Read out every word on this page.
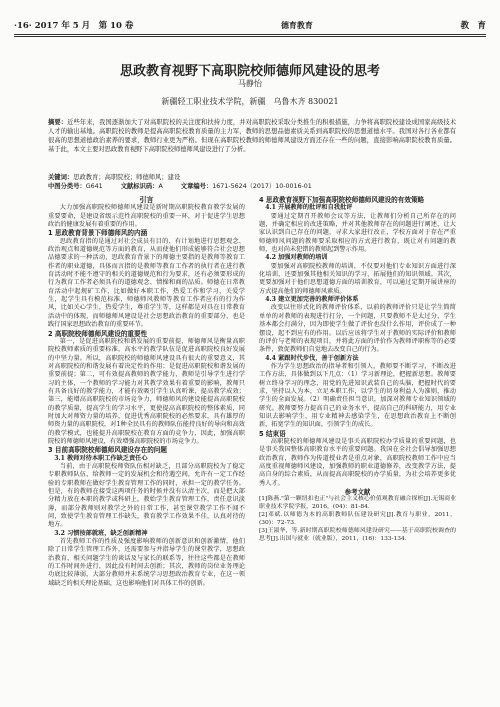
·16· 2017 年 5 月　第 10 卷	德育教育	教　育
思政教育视野下高职院校师德师风建设的思考
马静怡
新疆轻工职业技术学院，新疆　乌鲁木齐 830021
摘要：近些年来，我国逐渐加大了对高职院校的关注度和扶持力度，并对高职院校采取分类推生的积极措施，力争将高职院校建设成国家高级技术人才的输出基地。高职院校的教师是提高高职院校教育质量的主力军，教师的思想品德素质关系到高职院校的思想道德水平。我国对各行各业都有很高的思想道德政治素养的要求，教师行业更为严格。但现在高职院校教师的师德师风建设方面还存在一些的问题，直接影响高职院校教育质量。基于此，本文主要对思政教育视野下高职院校师德师风建设进行了分析。
关键词：思政教育；高职院校；师德师风；建设
中图分类号：G641	文献标识码：A	文章编号：1671-5624（2017）10-0016-01

引言

大力加强高职院校师德师风建设是新时期高职院校教育教学发展的重要要命，是建设省级示范性高职院校的重要一环，对于促进学生思想政治的健康发展有着重要的作用。

1 思政教育背景下师德师风的内涵

思政教育指的是通过对社会成员有目的、有计划地进行思想观念、政治观点和道德规范等方面的教育，从而使他们形成能够符合社会思想品德要求的一种活动，思政教育背景下的师德主要指的是教师等教育工作者的职业道德，具体而言指的是教师等教育工作者的执行者在进行教育活动时不能不遵守的相关的道德规范和行为要求，还有必须要形成的行为教育工作者必须具有的道德观念、情操和商的品质。师德在日常教育活动中起规矿工作，比如做好本职工作，热爱工作和学习，关爱学生，起学生具有模范标准，师德师风教师等教育工作者应有的行为作风，比如关心学生，热爱学生，尊重学生等，这样都是对具在日常教育活动中的体现，而师德师风建设是社会思想政治教育的重要部分，也是践行国家思想政治教育的重要环节。

2 高职院校师德师风建设的重要性

第一，是促进高职院校和谐发展的重要前提，师德师风是衡量高职院校教师素质的重要标准，高水平的教学队伍是促进高职院校良好发展的中坚力量。所以，高职院校的师德师风建设具有很大的重要意义，其对高职院校的和谐发展有着决定性的作用；是促进高职院校和谐发展的重要前提；第二，可有效提高教师的教学能力，教师是引导学生进行学习的主体，一个教师的学习能力对其教学效果有着重要的影响，教师只有具备良好的教学能力，才能有效吸引学生认真听课，提高教学成效；第三，能增高高职院校的市场竞争力，师德师风的建设能提高高职院校的教学质量，提高学生的学习水平，更使提高高职院校的整体素质，同时加大对师资力量的培养，促进优秀高职院校的必然要求，具有雄厚的师资力量的高职院校，对1种全民具有的教师队伍能持良好的导向和高效的教学模式，也能提升高职院校在教育方面的竞争力，因此，加强高职院校的师德师风建设，有效增强高职院校的市场竞争力。

3 目前高职院校师德师风建设存在的问题

3.1 教师对待本职工作缺乏责任心

当前，由于高职院校师资队伍相对缺乏，且部分高职院校为了稳定专职教师队伍，给教师一定的发展机会和待遇空间，允许有一定工作经验的专职教师在做好学生教育管理工作的同时，承担一定的教学任务。但是，有的教师在接受这两项任务的时候并没有认清主次，而是把大部分精力放在本职的教学或科研上，教始学生教育管理工作，责任意识淡薄，而部分教师则对教学之外的日常工作，甚至课堂教学工作不闻不问，致使学生教育管理工作缺失，教育教学工作效果不佳，认真对待的地方。

3.2 习惯按部就班，缺乏创新精神

首先教师工作的性质及强度影响教师的创新意识和创新激情，他们除了日常学生管理工作外，还需要参与并指导学生的课堂教学，思想政治教育，相关问题学生的谈话及与家长的联系等，往往这些都是在教师的工作时间外进行，因此没有时间去创新；其次，教师的岗位业务理论功底比较薄弱，大部分教师并未系统学习思想政治教育专业，在这一领域缺乏的相关理论基础，这也影响他们对具体工作的创新。

4 思政教育视野下加强高职院校师德师风建设的有效策略

4.1 开展教师的批评和自我批评

要通过定期召开教师会议等方法，让教师们分析自己所存在的问题，并确定相应的改进策略，并对其他教师存在的问题进行阐述，让大家认识到自己存在的问题，寻求大家进行改正，学校方面对于存在严重师德师风问题的教师要采取相应的方式进行教育，既让对有问题的教师，也对尚未犯错的教师起到警示作用。

4.2 加强对教师的培训

要加强对高职院校教师的培训，不仅要对他们专业知识方面进行深化培训，还要加强其他相关知识的学习，拓展他们的知识领域。其次，更要加强对于他们思想道德方面的培训教育，可以通过定期开展讲座的方式提高他们的师德师风素质。

4.3 建立更加完善的教师评价体系

改变以往形式化的教师评价体系，以前的教师评价只是让学生简简单单的对教师的表现进行打分，一个问题，只要教师不是太过分，学生基本都会打满分，因为即使学生做了评价也没什么作用，评价成了一种摆设，起不到应有的作用。以后应该将学生对于教师的实际评价和教师的评价与老师的表现项目，并将此方面的评价作为教师评职称等的必要条件，敦促教师们自觉地去改变自己的行为。

4.4 紧跟时代步伐，善于创新方法

作为学生思想政治的指导者和引领人，教师要不断学习，不断改进工作方法，具体做到以下几点：（1）学习新理论，把握新思想。教师要树立终身学习的理念，用党的先进知识武装自己的头脑，把握时代的要求，坚持以人为本，立足本职工作，以学生的切身利益人为准则，推动学生的全面发展。（2）明确责任担当意识，加深对教师专业知识领域的研究。教师要努力提高自己的业务水平，提高自己的科研能力，用专业知识去影响学生，用专业精神去感染学生，在思想政治教育上不断创新，拓宽学生的知识面，引领学生的成长。

5 结束语

高职院校的师德师风建设是事关高职院校办学质量的重要问题，也是事关我国整体高职教育水平的重要问题。我国在全社会倡导加强思想政治教育，教师作为传道授业者是重点对象，高职院校教师工作中应当高度重视师德师风建设，加强教师的职业道德修养，改变教学方法，提高自身的综合素质，从而提高高职院校的办学质量，为社会培养更多优秀人才。

参考文献

[1]陈燕."第一颗纽扣也正"与社会主义核心价值观教育融合探析[J].无锡商业职业技术学院学报，2016，(04)：81-84.

[2]邓斌.以师德为本的高职教师队伍建设研究[J].教育与职业，2011，(30)：72-73.

[3]王淑华，等.新时期高职院校师德师风建设研究——基于高职院校调查的思考[J].出国与就业（就业版），2011，(16)：133-134.
